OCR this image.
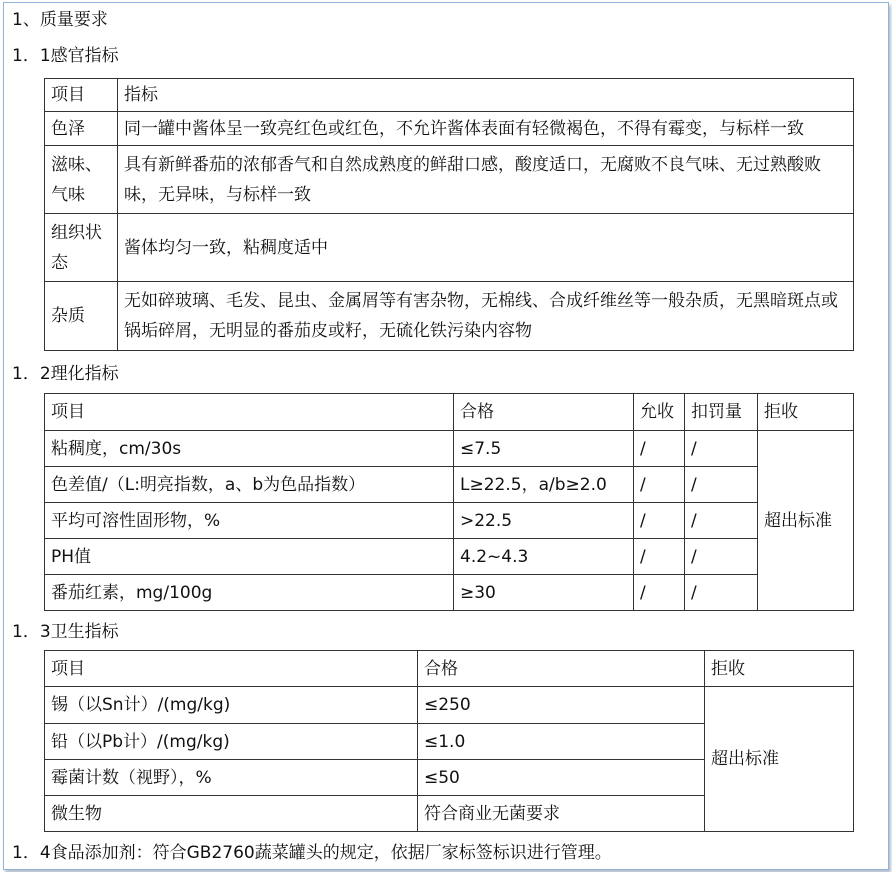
1、质量要求
1．1感官指标
项目	指标
色泽	同一罐中酱体呈一致亮红色或红色，不允许酱体表面有轻微褐色，不得有霉变，与标样一致
滋味、气味	具有新鲜番茄的浓郁香气和自然成熟度的鲜甜口感，酸度适口，无腐败不良气味、无过熟酸败味，无异味，与标样一致
组织状态	酱体均匀一致，粘稠度适中
杂质	无如碎玻璃、毛发、昆虫、金属屑等有害杂物，无棉线、合成纤维丝等一般杂质，无黑暗斑点或锅垢碎屑，无明显的番茄皮或籽，无硫化铁污染内容物
1．2理化指标
项目	合格	允收	扣罚量	拒收
粘稠度，cm/30s	≤7.5	/	/	超出标准
色差值/（L:明亮指数，a、b为色品指数）	L≥22.5，a/b≥2.0	/	/	
平均可溶性固形物，%	>22.5	/	/	
PH值	4.2~4.3	/	/	
番茄红素，mg/100g	≥30	/	/	
1．3卫生指标
项目	合格	拒收
锡（以Sn计）/(mg/kg)	≤250	超出标准
铅（以Pb计）/(mg/kg)	≤1.0	
霉菌计数（视野），%	≤50	
微生物	符合商业无菌要求	
1．4食品添加剂：符合GB2760蔬菜罐头的规定，依据厂家标签标识进行管理。
